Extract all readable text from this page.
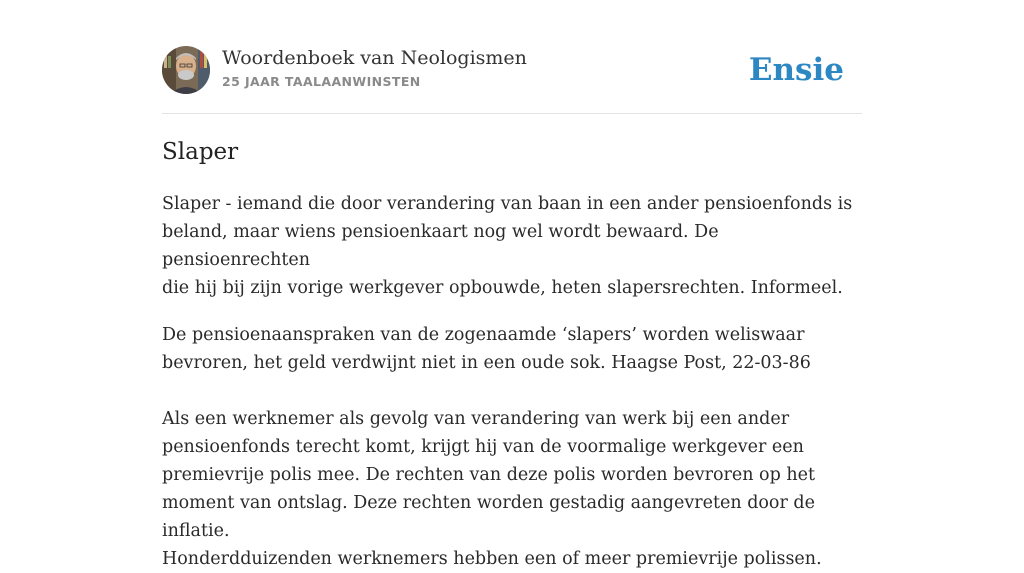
Woordenboek van Neologismen
25 JAAR TAALAANWINSTEN	Ensie
Slaper

Slaper - iemand die door verandering van baan in een ander pensioenfonds is
beland, maar wiens pensioenkaart nog wel wordt bewaard. De pensioenrechten
die hij bij zijn vorige werkgever opbouwde, heten slapersrechten. Informeel.

De pensioenaanspraken van de zogenaamde ‘slapers’ worden weliswaar
bevroren, het geld verdwijnt niet in een oude sok. Haagse Post, 22-03-86

Als een werknemer als gevolg van verandering van werk bij een ander
pensioenfonds terecht komt, krijgt hij van de voormalige werkgever een
premievrije polis mee. De rechten van deze polis worden bevroren op het
moment van ontslag. Deze rechten worden gestadig aangevreten door de inflatie.
Honderdduizenden werknemers hebben een of meer premievrije polissen.
